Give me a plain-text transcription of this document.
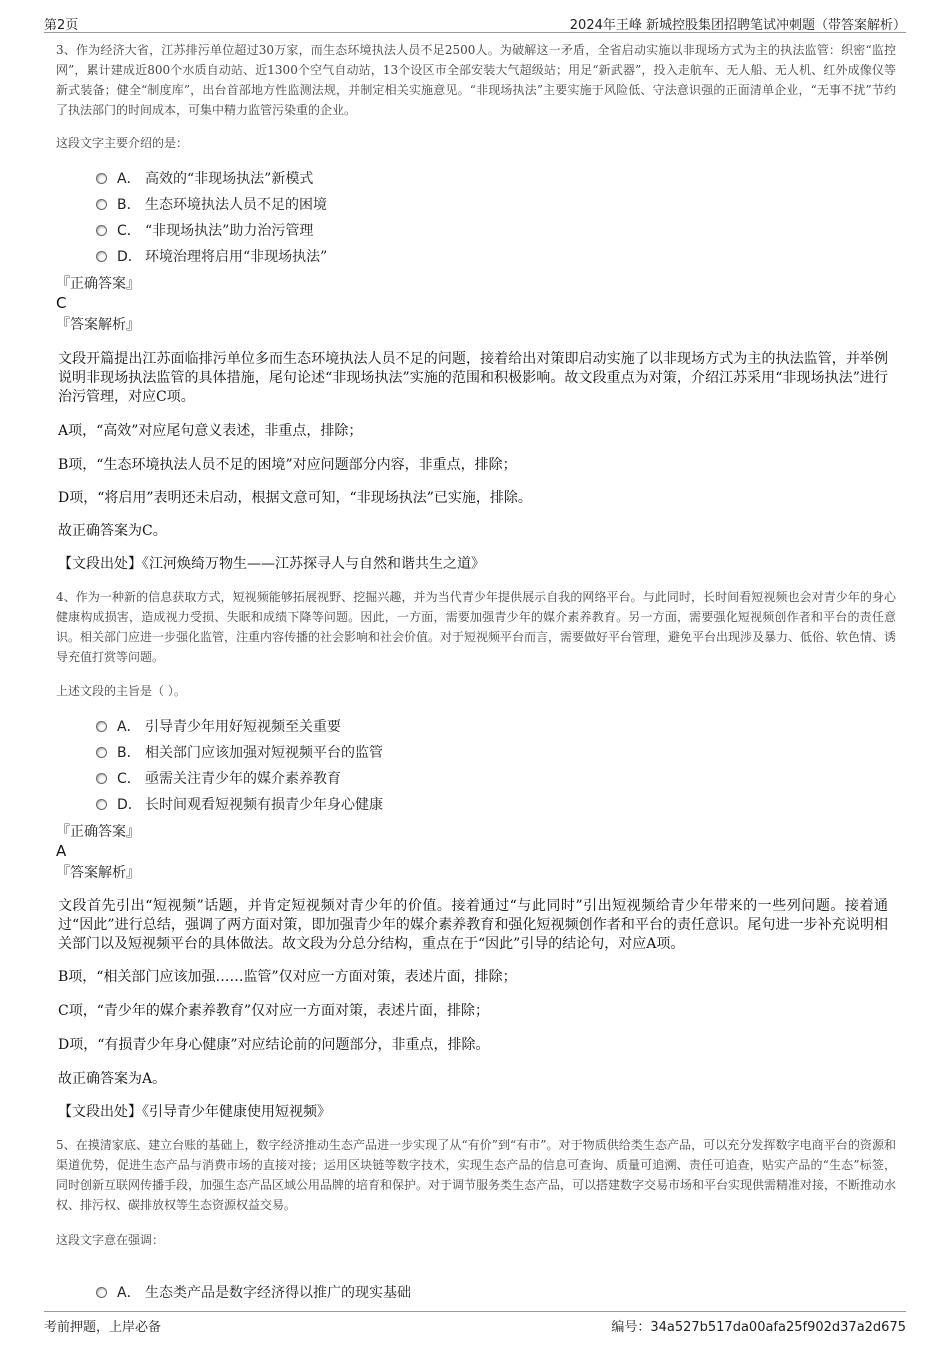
第2页	2024年王峰 新城控股集团招聘笔试冲刺题（带答案解析）
3、作为经济大省，江苏排污单位超过30万家，而生态环境执法人员不足2500人。为破解这一矛盾，全省启动实施以非现场方式为主的执法监管：织密“监控网”，累计建成近800个水质自动站、近1300个空气自动站，13个设区市全部安装大气超级站；用足“新武器”，投入走航车、无人船、无人机、红外成像仪等新式装备；健全“制度库”，出台首部地方性监测法规，并制定相关实施意见。“非现场执法”主要实施于风险低、守法意识强的正面清单企业，“无事不扰”节约了执法部门的时间成本，可集中精力监管污染重的企业。
这段文字主要介绍的是：
A． 高效的“非现场执法”新模式
B． 生态环境执法人员不足的困境
C． “非现场执法”助力治污管理
D． 环境治理将启用“非现场执法”
『正确答案』
C
『答案解析』
文段开篇提出江苏面临排污单位多而生态环境执法人员不足的问题，接着给出对策即启动实施了以非现场方式为主的执法监管，并举例说明非现场执法监管的具体措施，尾句论述“非现场执法”实施的范围和积极影响。故文段重点为对策，介绍江苏采用“非现场执法”进行治污管理，对应C项。
A项，“高效”对应尾句意义表述，非重点，排除；
B项，“生态环境执法人员不足的困境”对应问题部分内容，非重点，排除；
D项，“将启用”表明还未启动，根据文意可知，“非现场执法”已实施，排除。
故正确答案为C。
【文段出处】《江河焕绮万物生——江苏探寻人与自然和谐共生之道》
4、作为一种新的信息获取方式，短视频能够拓展视野、挖掘兴趣，并为当代青少年提供展示自我的网络平台。与此同时，长时间看短视频也会对青少年的身心健康构成损害，造成视力受损、失眠和成绩下降等问题。因此，一方面，需要加强青少年的媒介素养教育。另一方面，需要强化短视频创作者和平台的责任意识。相关部门应进一步强化监管，注重内容传播的社会影响和社会价值。对于短视频平台而言，需要做好平台管理，避免平台出现涉及暴力、低俗、软色情、诱导充值打赏等问题。
上述文段的主旨是（ ）。
A． 引导青少年用好短视频至关重要
B． 相关部门应该加强对短视频平台的监管
C． 亟需关注青少年的媒介素养教育
D． 长时间观看短视频有损青少年身心健康
『正确答案』
A
『答案解析』
文段首先引出“短视频”话题，并肯定短视频对青少年的价值。接着通过“与此同时”引出短视频给青少年带来的一些列问题。接着通过“因此”进行总结，强调了两方面对策，即加强青少年的媒介素养教育和强化短视频创作者和平台的责任意识。尾句进一步补充说明相关部门以及短视频平台的具体做法。故文段为分总分结构，重点在于“因此”引导的结论句，对应A项。
B项，“相关部门应该加强……监管”仅对应一方面对策，表述片面，排除；
C项，“青少年的媒介素养教育”仅对应一方面对策，表述片面，排除；
D项，“有损青少年身心健康”对应结论前的问题部分，非重点，排除。
故正确答案为A。
【文段出处】《引导青少年健康使用短视频》
5、在摸清家底、建立台账的基础上，数字经济推动生态产品进一步实现了从“有价”到“有市”。对于物质供给类生态产品，可以充分发挥数字电商平台的资源和渠道优势，促进生态产品与消费市场的直接对接；运用区块链等数字技术，实现生态产品的信息可查询、质量可追溯、责任可追查，贴实产品的“生态”标签，同时创新互联网传播手段，加强生态产品区域公用品牌的培育和保护。对于调节服务类生态产品，可以搭建数字交易市场和平台实现供需精准对接，不断推动水权、排污权、碳排放权等生态资源权益交易。
这段文字意在强调：
A． 生态类产品是数字经济得以推广的现实基础
考前押题，上岸必备	编号：34a527b517da00afa25f902d37a2d675
